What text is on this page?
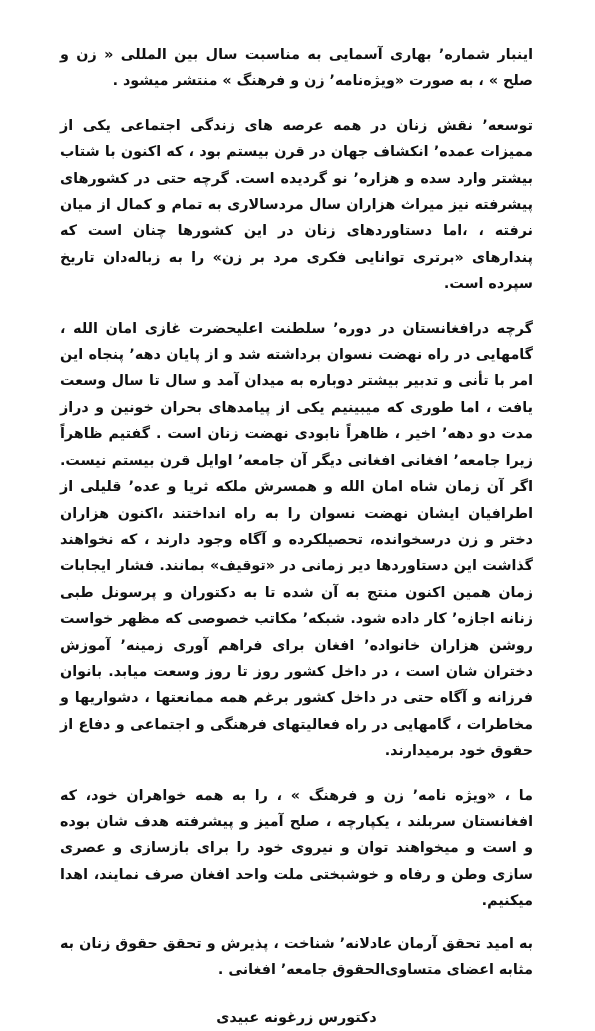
اینبار شماره٬ بهاری آسمایی به مناسبت سال بین المللی « زن و صلح » ، به صورت «ویژه‌نامه٬ زن و فرهنگ » منتشر میشود .

توسعه٬ نقش زنان در همه عرصه های زندگی اجتماعی یکی از ممیزات عمده٬ انکشاف جهان در قرن بیستم بود ، که اکنون با شتاب بیشتر وارد سده و هزاره٬ نو گردیده است. گرچه حتی در کشورهای پیشرفته نیز میراث هزاران سال مردسالاری به تمام و کمال از میان نرفته ، ،اما دستاوردهای زنان در این کشورها چنان است که پندارهای «برتری توانایی فکری مرد بر زن» را به زباله‌دان تاریخ سپرده است.

گرچه درافغانستان در دوره٬ سلطنت اعلیحضرت غازی امان الله ، گامهایی در راه نهضت نسوان برداشته شد و از پایان دهه٬ پنجاه این امر با تأنی و تدبیر بیشتر دوباره به میدان آمد و سال تا سال وسعت یافت ، اما طوری که میبینیم یکی از پیامدهای بحران خونین و دراز مدت دو دهه٬ اخیر ، ظاهراً نابودی نهضت زنان است . گفتیم ظاهراً زیرا جامعه٬ افغانی افغانی دیگر آن جامعه٬ اوایل قرن بیستم نیست. اگر آن زمان شاه امان الله و همسرش ملکه ثریا و عده٬ قلیلی از اطرافیان ایشان نهضت نسوان را به راه انداختند ،اکنون هزاران دختر و زن درسخوانده، تحصیلکرده و آگاه وجود دارند ، که نخواهند گذاشت این دستاوردها دیر زمانی در «توقیف» بمانند. فشار ایجابات زمان همین اکنون منتج به آن شده تا به دکتوران و پرسونل طبی زنانه اجازه٬ کار داده شود. شبکه٬ مکاتب خصوصی که مظهر خواست روشن هزاران خانواده٬ افغان برای فراهم آوری زمینه٬ آموزش دختران شان است ، در داخل کشور روز تا روز وسعت میابد. بانوان فرزانه و آگاه حتی در داخل کشور برغم همه ممانعتها ، دشواریها و مخاطرات ، گامهایی در راه فعالیتهای فرهنگی و اجتماعی و دفاع از حقوق خود برمیدارند.

ما ، «ویژه نامه٬ زن و فرهنگ » ، را به همه خواهران خود، که افغانستان سربلند ، یکپارچه ، صلح آمیز و پیشرفته هدف شان بوده و است و میخواهند توان و نیروی خود را برای بازسازی و عصری سازی وطن و رفاه و خوشبختی ملت واحد افغان صرف نمایند، اهدا میکنیم.

به امید تحقق آرمان عادلانه٬ شناخت ، پذیرش و تحقق حقوق زنان به مثابه اعضای متساوی‌الحقوق جامعه٬ افغانی .

دکتورس زرغونه عبیدی
